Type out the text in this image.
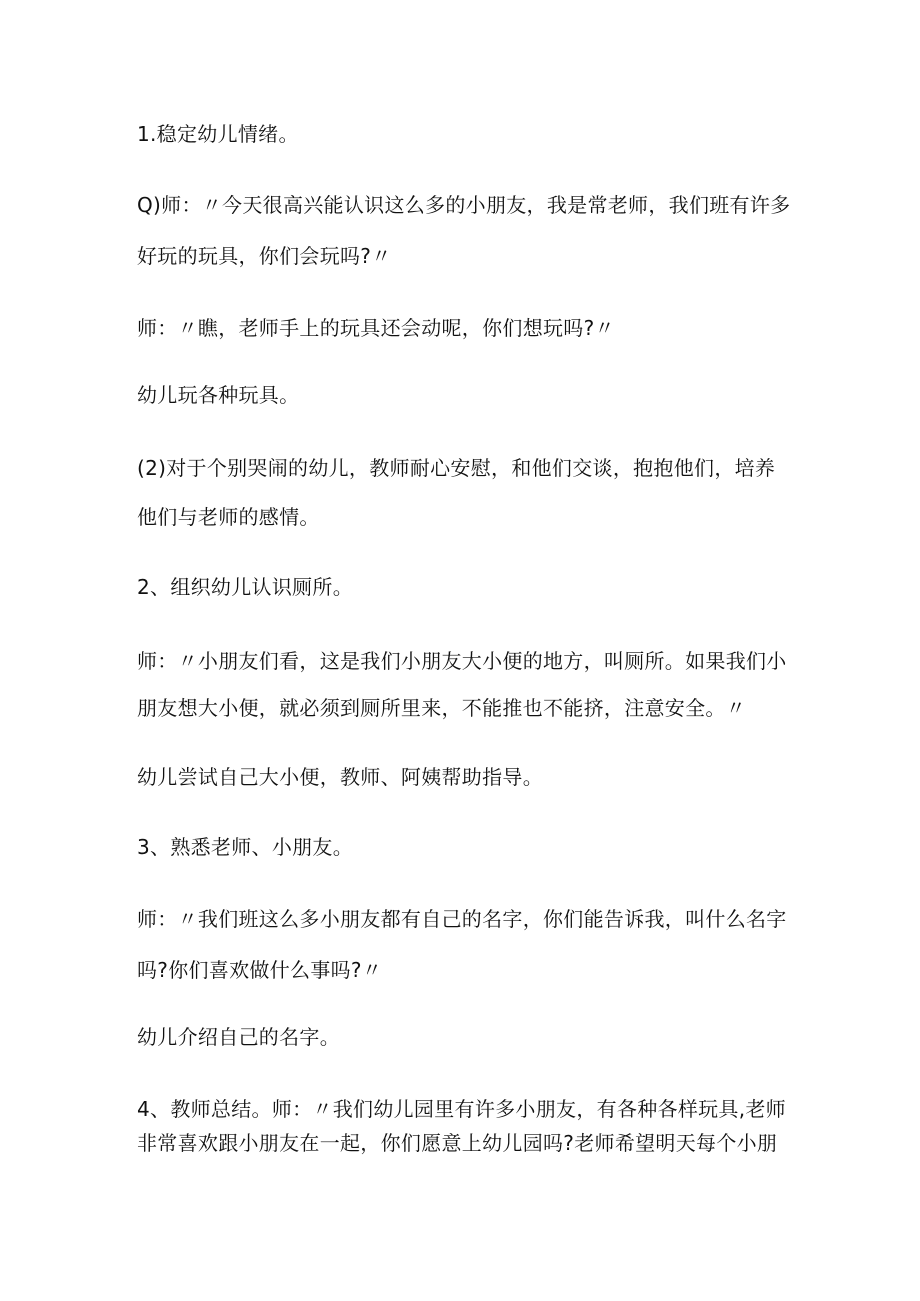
1.稳定幼儿情绪。
Q)师：〃今天很高兴能认识这么多的小朋友，我是常老师，我们班有许多
好玩的玩具，你们会玩吗?〃
师：〃瞧，老师手上的玩具还会动呢，你们想玩吗?〃
幼儿玩各种玩具。
(2)对于个别哭闹的幼儿，教师耐心安慰，和他们交谈，抱抱他们，培养
他们与老师的感情。
2、组织幼儿认识厕所。
师：〃小朋友们看，这是我们小朋友大小便的地方，叫厕所。如果我们小
朋友想大小便，就必须到厕所里来，不能推也不能挤，注意安全。〃
幼儿尝试自己大小便，教师、阿姨帮助指导。
3、熟悉老师、小朋友。
师：〃我们班这么多小朋友都有自己的名字，你们能告诉我，叫什么名字
吗?你们喜欢做什么事吗?〃
幼儿介绍自己的名字。
4、教师总结。师：〃我们幼儿园里有许多小朋友，有各种各样玩具,老师
非常喜欢跟小朋友在一起，你们愿意上幼儿园吗?老师希望明天每个小朋
